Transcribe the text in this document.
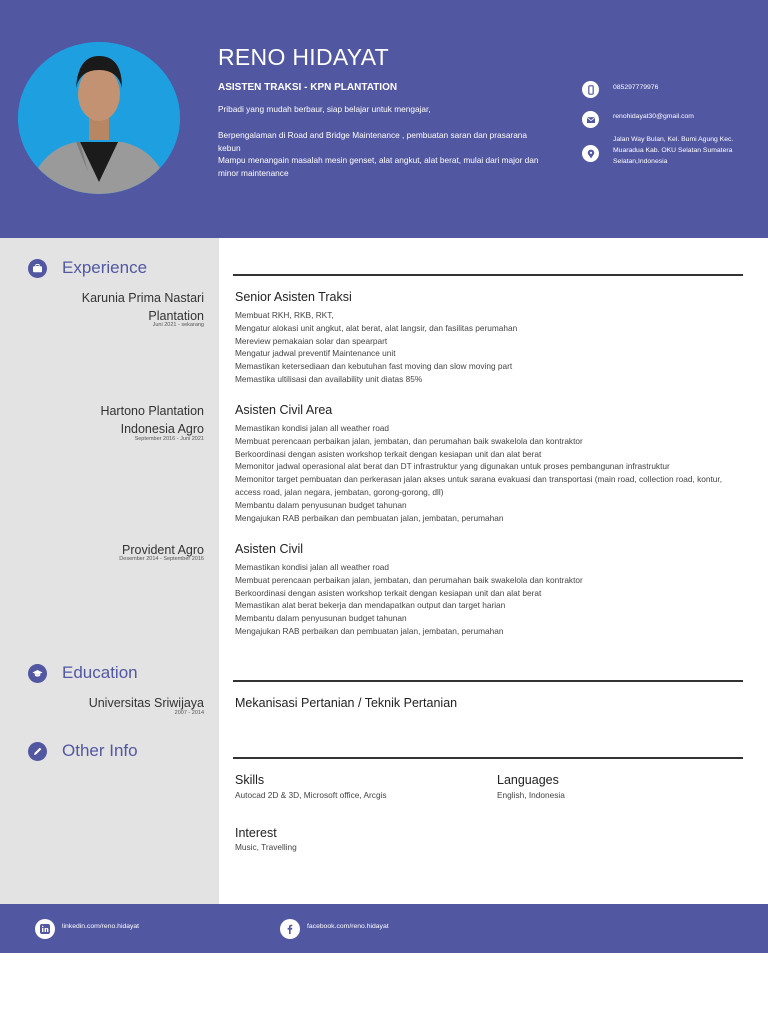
RENO HIDAYAT
ASISTEN TRAKSI - KPN PLANTATION

Pribadi yang mudah berbaur, siap belajar untuk mengajar,

Berpengalaman di Road and Bridge Maintenance , pembuatan saran dan prasarana kebun

Mampu menangain masalah mesin genset, alat angkut, alat berat, mulai dari major dan minor maintenance

085297779976
renohidayat30@gmail.com
Jalan Way Bulan, Kel. Bumi Agung Kec. Muaradua Kab. OKU Selatan Sumatera Selatan,Indonesia
Experience
Karunia Prima Nastari Plantation
Juni 2021 - sekarang
Senior Asisten Traksi
Membuat RKH, RKB, RKT,
Mengatur alokasi unit angkut, alat berat, alat langsir, dan fasilitas perumahan
Mereview pemakaian solar dan spearpart
Mengatur jadwal preventif Maintenance unit
Memastikan ketersediaan dan kebutuhan fast moving dan slow moving part
Memastika ultilisasi dan availability unit diatas 85%
Hartono Plantation Indonesia Agro
September 2016 - Juni 2021
Asisten Civil Area
Memastikan kondisi jalan all weather road
Membuat perencaan perbaikan jalan, jembatan, dan perumahan baik swakelola dan kontraktor
Berkoordinasi dengan asisten workshop terkait dengan kesiapan unit dan alat berat
Memonitor jadwal operasional alat berat dan DT infrastruktur yang digunakan untuk proses pembangunan infrastruktur
Memonitor target pembuatan dan perkerasan jalan akses untuk sarana evakuasi dan transportasi (main road, collection road, kontur, access road, jalan negara, jembatan, gorong-gorong, dll)
Membantu dalam penyusunan budget tahunan
Mengajukan RAB perbaikan dan pembuatan jalan, jembatan, perumahan
Provident Agro
Desember 2014 - September 2016
Asisten Civil
Memastikan kondisi jalan all weather road
Membuat perencaan perbaikan jalan, jembatan, dan perumahan baik swakelola dan kontraktor
Berkoordinasi dengan asisten workshop terkait dengan kesiapan unit dan alat berat
Memastikan alat berat bekerja dan mendapatkan output dan target harian
Membantu dalam penyusunan budget tahunan
Mengajukan RAB perbaikan dan pembuatan jalan, jembatan, perumahan
Education
Universitas Sriwijaya
2007 - 2014
Mekanisasi Pertanian / Teknik Pertanian
Other Info
Skills
Autocad 2D & 3D, Microsoft office, Arcgis
Languages
English, Indonesia
Interest
Music, Travelling
linkedin.com/reno.hidayat	facebook.com/reno.hidayat
